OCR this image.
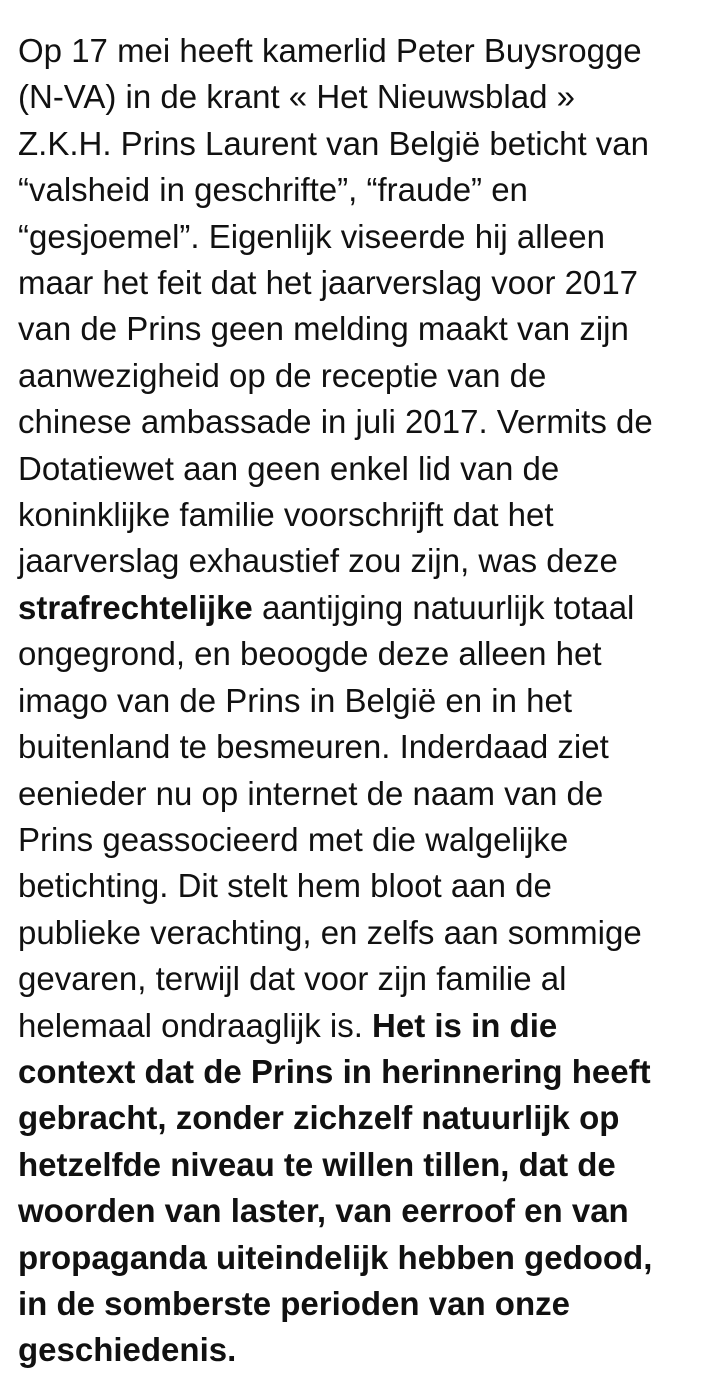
Op 17 mei heeft kamerlid Peter Buysrogge
(N-VA) in de krant « Het Nieuwsblad »
Z.K.H. Prins Laurent van België beticht van
“valsheid in geschrifte”, “fraude” en
“gesjoemel”. Eigenlijk viseerde hij alleen
maar het feit dat het jaarverslag voor 2017
van de Prins geen melding maakt van zijn
aanwezigheid op de receptie van de
chinese ambassade in juli 2017. Vermits de
Dotatiewet aan geen enkel lid van de
koninklijke familie voorschrijft dat het
jaarverslag exhaustief zou zijn, was deze
strafrechtelijke aantijging natuurlijk totaal
ongegrond, en beoogde deze alleen het
imago van de Prins in België en in het
buitenland te besmeuren. Inderdaad ziet
eenieder nu op internet de naam van de
Prins geassocieerd met die walgelijke
betichting. Dit stelt hem bloot aan de
publieke verachting, en zelfs aan sommige
gevaren, terwijl dat voor zijn familie al
helemaal ondraaglijk is. Het is in die
context dat de Prins in herinnering heeft
gebracht, zonder zichzelf natuurlijk op
hetzelfde niveau te willen tillen, dat de
woorden van laster, van eerroof en van
propaganda uiteindelijk hebben gedood,
in de somberste perioden van onze
geschiedenis.
